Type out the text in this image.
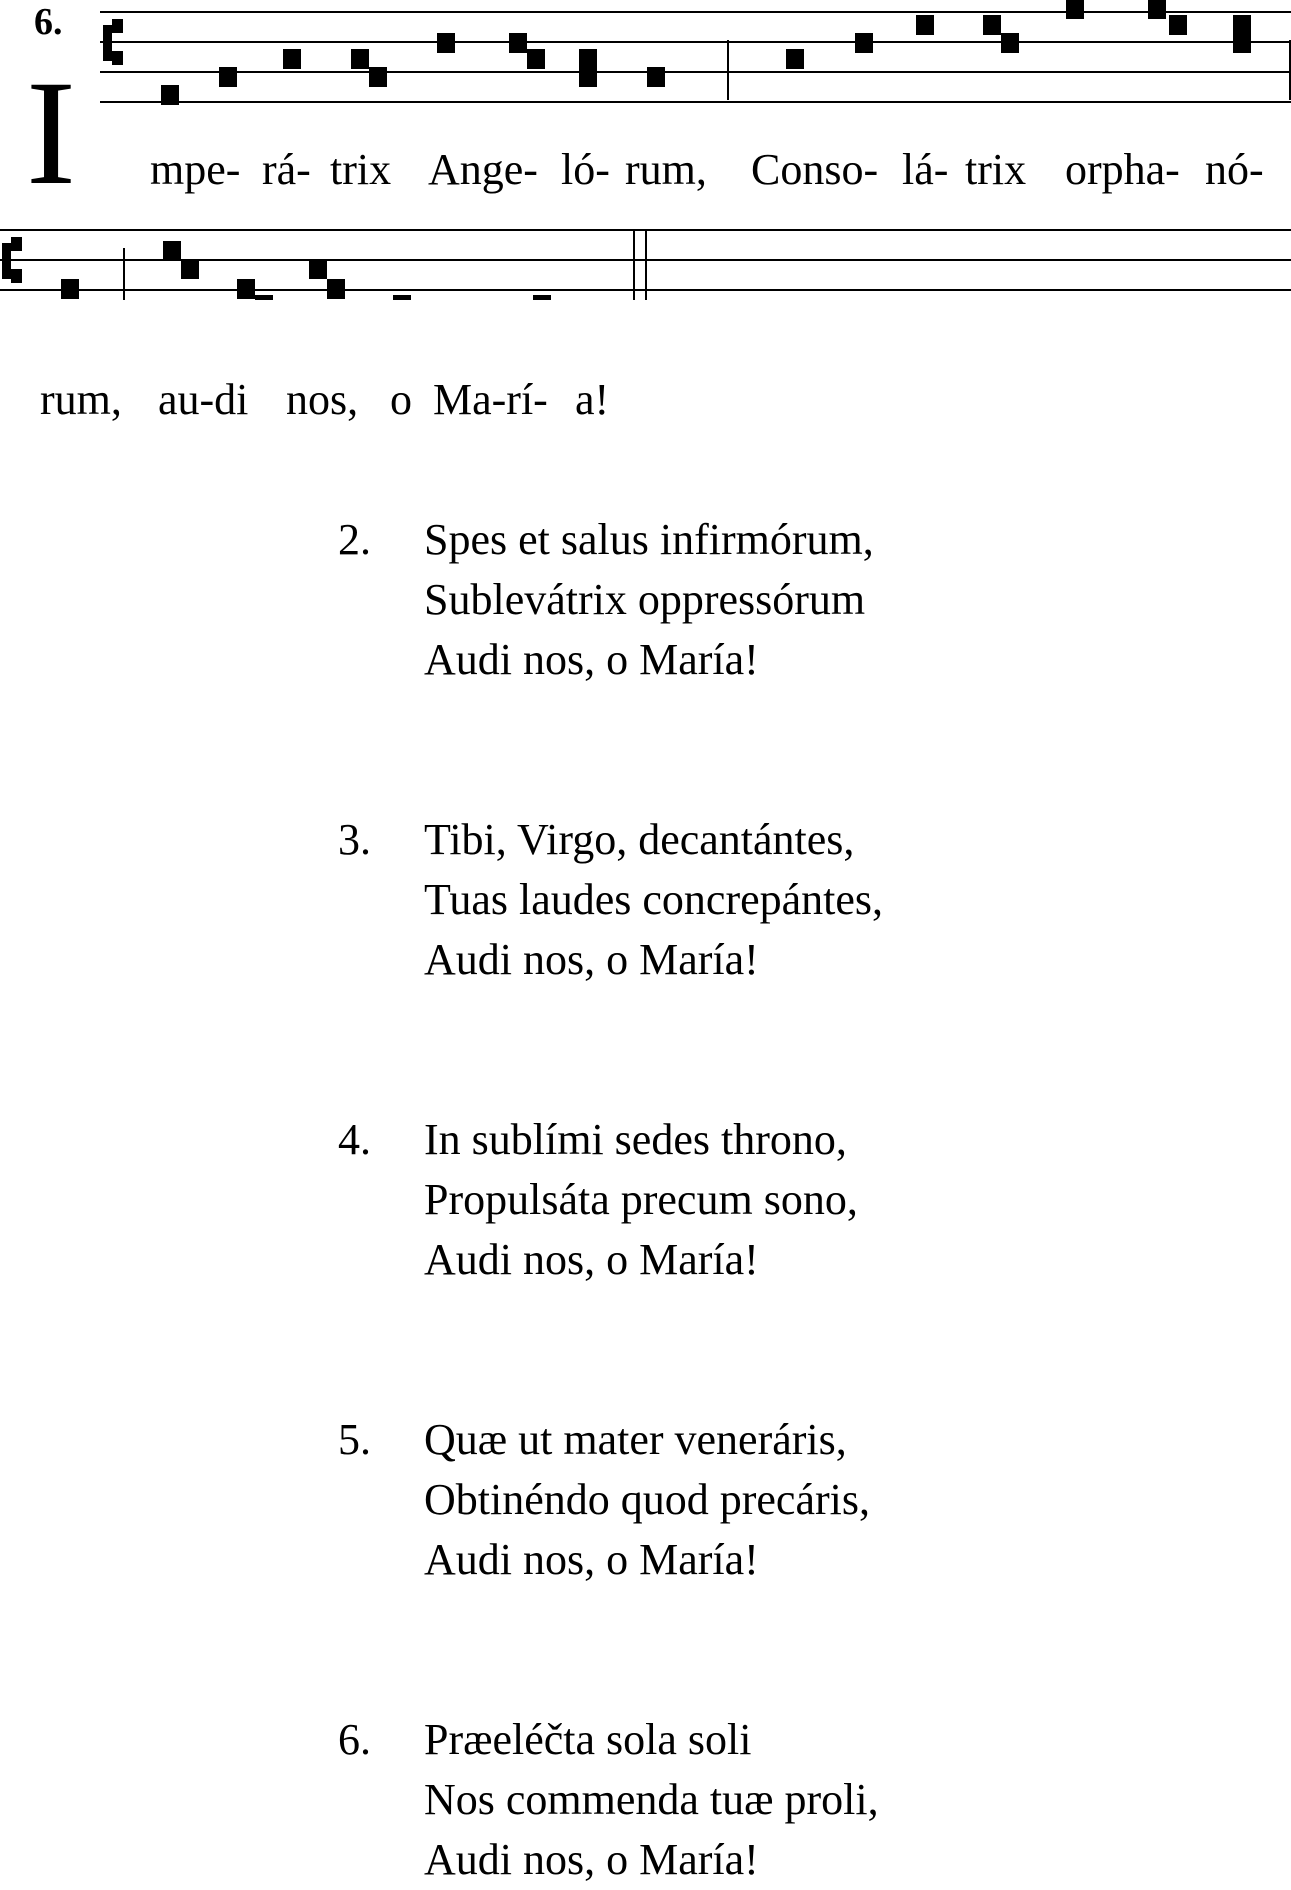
6.
I mpe- rá- trix Ange- ló- rum, Conso- lá- trix orpha- nó-
rum, au-di nos, o Ma-rí- a!
2. Spes et salus infirmórum,
Sublevátrix oppressórum
Audi nos, o María!
3. Tibi, Virgo, decantántes,
Tuas laudes concrepántes,
Audi nos, o María!
4. In sublími sedes throno,
Propulsáta precum sono,
Audi nos, o María!
5. Quæ ut mater veneráris,
Obtinéndo quod precáris,
Audi nos, o María!
6. Præeléčta sola soli
Nos commenda tuæ proli,
Audi nos, o María!
